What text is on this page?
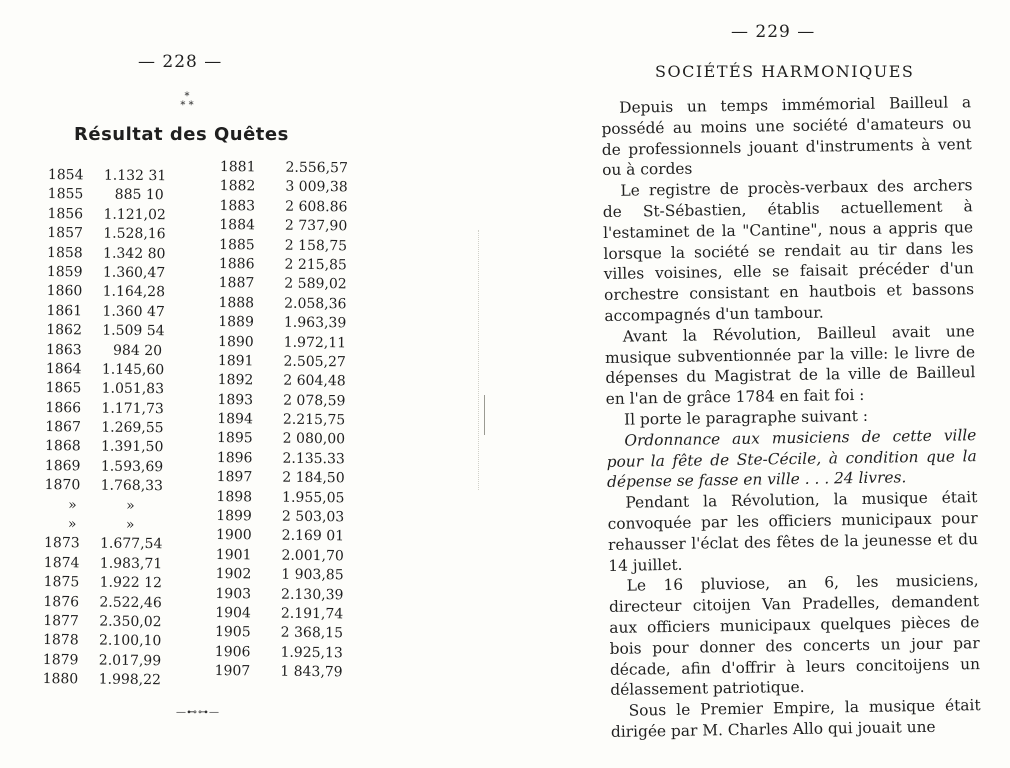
— 228 —
*
* *
Résultat des Quêtes
1854 1.132 31
1855 885 10
1856 1.121,02
1857 1.528,16
1858 1.342 80
1859 1.360,47
1860 1.164,28
1861 1.360 47
1862 1.509 54
1863 984 20
1864 1.145,60
1865 1.051,83
1866 1.171,73
1867 1.269,55
1868 1.391,50
1869 1.593,69
1870 1.768,33
»	»
»	»
1873 1.677,54
1874 1.983,71
1875 1.922 12
1876 2.522,46
1877 2.350,02
1878 2.100,10
1879 2.017,99
1880 1.998,22
1881 2.556,57
1882 3 009,38
1883 2 608.86
1884 2 737,90
1885 2 158,75
1886 2 215,85
1887 2 589,02
1888 2.058,36
1889 1.963,39
1890 1.972,11
1891 2.505,27
1892 2 604,48
1893 2 078,59
1894 2.215,75
1895 2 080,00
1896 2.135.33
1897 2 184,50
1898 1.955,05
1899 2 503,03
1900 2.169 01
1901 2.001,70
1902 1 903,85
1903 2.130,39
1904 2.191,74
1905 2 368,15
1906 1.925,13
1907 1 843,79
—⊷⊶—
— 229 —
SOCIÉTÉS HARMONIQUES

Depuis un temps immémorial Bailleul a possédé au moins une société d'amateurs ou de professionnels jouant d'instruments à vent ou à cordes

Le registre de procès-verbaux des archers de St-Sébastien, établis actuellement à l'estaminet de la "Cantine", nous a appris que lorsque la société se rendait au tir dans les villes voisines, elle se faisait précéder d'un orchestre consistant en hautbois et bassons accompagnés d'un tambour.

Avant la Révolution, Bailleul avait une musique subventionnée par la ville: le livre de dépenses du Magistrat de la ville de Bailleul en l'an de grâce 1784 en fait foi :

Il porte le paragraphe suivant :

Ordonnance aux musiciens de cette ville pour la fête de Ste-Cécile, à condition que la dépense se fasse en ville . . . 24 livres.

Pendant la Révolution, la musique était convoquée par les officiers municipaux pour rehausser l'éclat des fêtes de la jeunesse et du 14 juillet.

Le 16 pluviose, an 6, les musiciens, directeur citoijen Van Pradelles, demandent aux officiers municipaux quelques pièces de bois pour donner des concerts un jour par décade, afin d'offrir à leurs concitoijens un délassement patriotique.

Sous le Premier Empire, la musique était dirigée par M. Charles Allo qui jouait une
